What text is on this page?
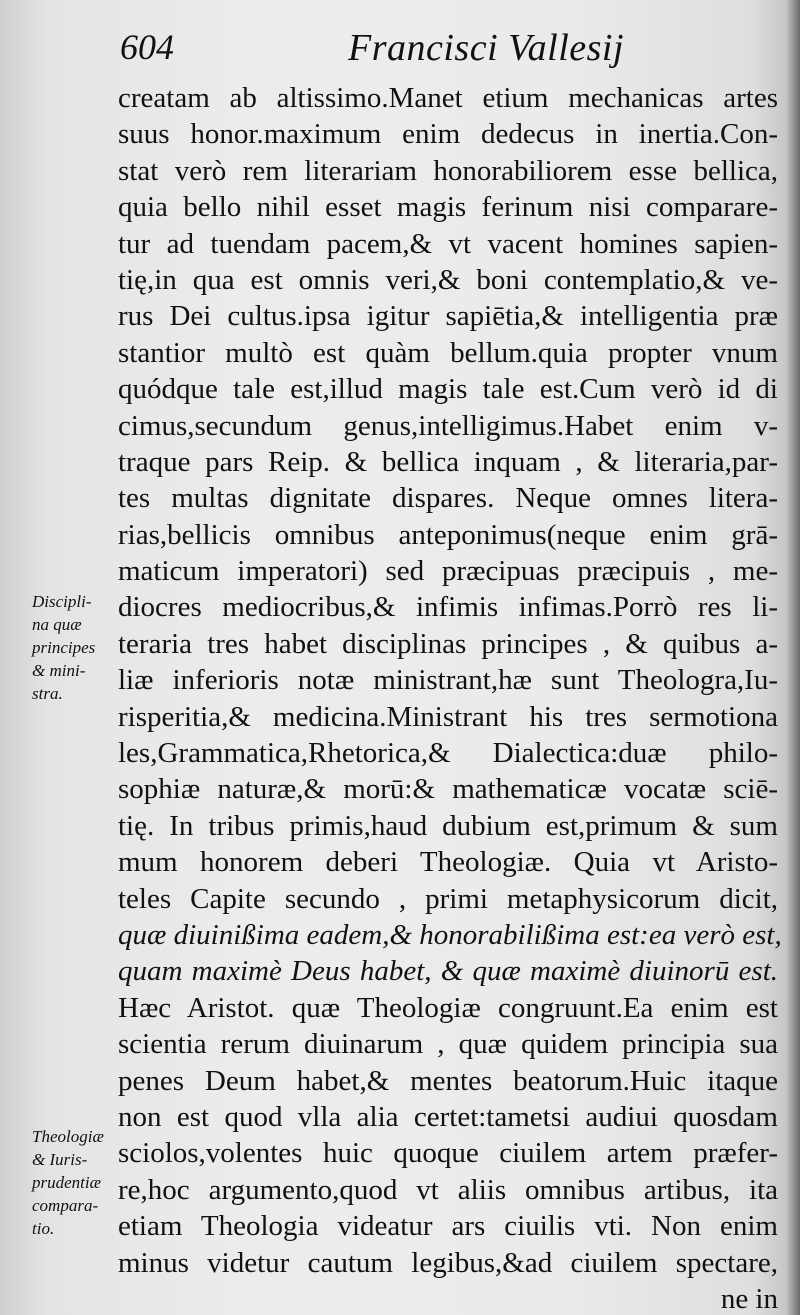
604	Francisci Vallesij
Discipli-
na quæ
principes
& mini-
stra.
Theologiæ
& Iuris-
prudentiæ
compara-
tio.
creatam ab altissimo.Manet etium mechanicas artes
suus honor.maximum enim dedecus in inertia.Con-
stat verò rem literariam honorabiliorem esse bellica,
quia bello nihil esset magis ferinum nisi comparare-
tur ad tuendam pacem,& vt vacent homines sapien-
tię,in qua est omnis veri,& boni contemplatio,& ve-
rus Dei cultus.ipsa igitur sapiētia,& intelligentia præ
stantior multò est quàm bellum.quia propter vnum
quódque tale est,illud magis tale est.Cum verò id di
cimus,secundum genus,intelligimus.Habet enim v-
traque pars Reip. & bellica inquam , & literaria,par-
tes multas dignitate dispares. Neque omnes litera-
rias,bellicis omnibus anteponimus(neque enim grā-
maticum imperatori) sed præcipuas præcipuis , me-
diocres mediocribus,& infimis infimas.Porrò res li-
teraria tres habet disciplinas principes , & quibus a-
liæ inferioris notæ ministrant,hæ sunt Theologra,Iu-
risperitia,& medicina.Ministrant his tres sermotiona
les,Grammatica,Rhetorica,& Dialectica:duæ philo-
sophiæ naturæ,& morū:& mathematicæ vocatæ sciē-
tię. In tribus primis,haud dubium est,primum & sum
mum honorem deberi Theologiæ. Quia vt Aristo-
teles Capite secundo , primi metaphysicorum dicit,
quæ diuinißima eadem,& honorabilißima est:ea verò est,
quam maximè Deus habet, & quæ maximè diuinorū est.
Hæc Aristot. quæ Theologiæ congruunt.Ea enim est
scientia rerum diuinarum , quæ quidem principia sua
penes Deum habet,& mentes beatorum.Huic itaque
non est quod vlla alia certet:tametsi audiui quosdam
sciolos,volentes huic quoque ciuilem artem præfer-
re,hoc argumento,quod vt aliis omnibus artibus, ita
etiam Theologia videatur ars ciuilis vti. Non enim
minus videtur cautum legibus,&ad ciuilem spectare,
ne in
